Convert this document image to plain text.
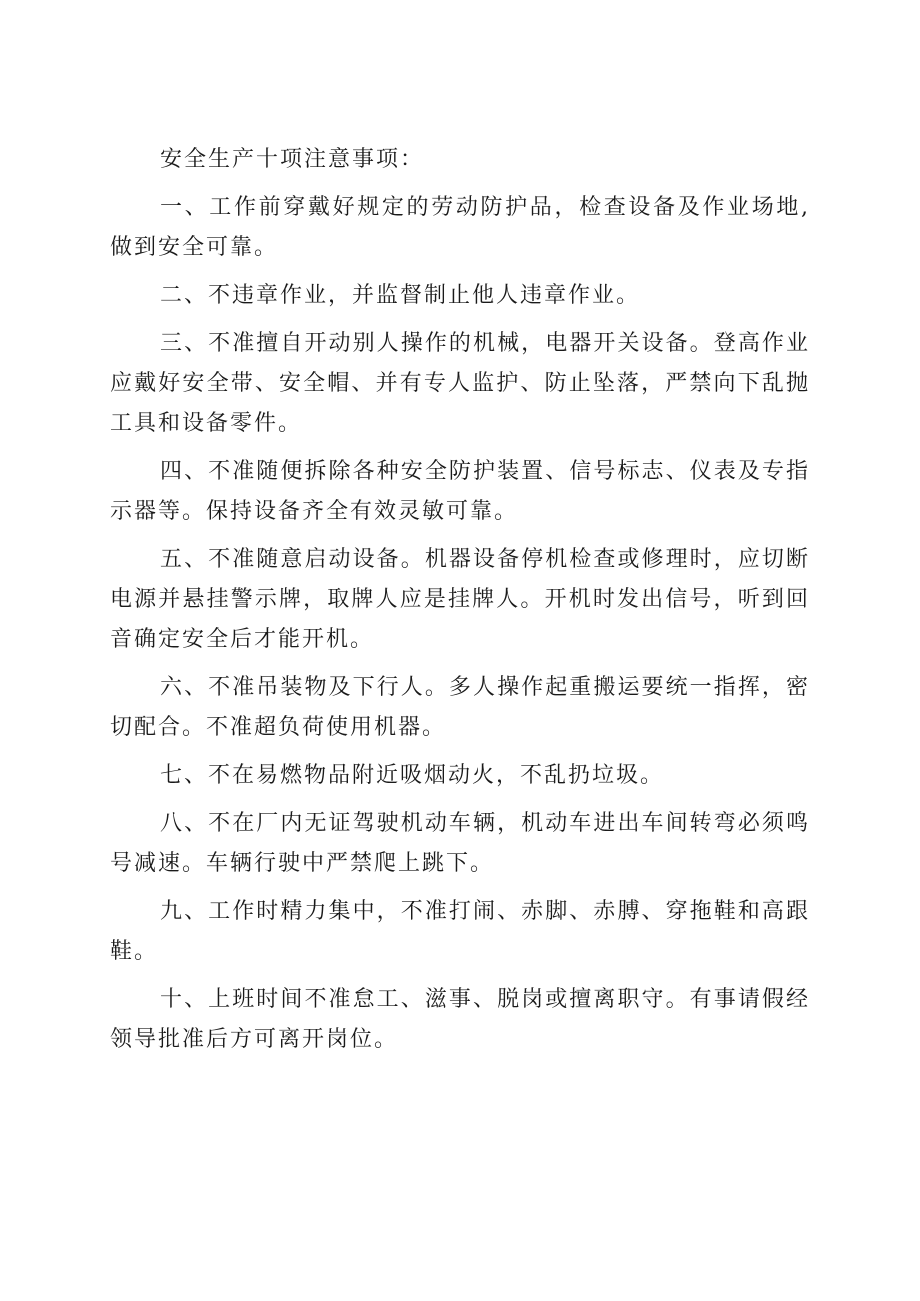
安全生产十项注意事项：

一、工作前穿戴好规定的劳动防护品，检查设备及作业场地,做到安全可靠。

二、不违章作业，并监督制止他人违章作业。

三、不准擅自开动别人操作的机械，电器开关设备。登高作业应戴好安全带、安全帽、并有专人监护、防止坠落，严禁向下乱抛工具和设备零件。

四、不准随便拆除各种安全防护装置、信号标志、仪表及专指示器等。保持设备齐全有效灵敏可靠。

五、不准随意启动设备。机器设备停机检查或修理时，应切断电源并悬挂警示牌，取牌人应是挂牌人。开机时发出信号，听到回音确定安全后才能开机。

六、不准吊装物及下行人。多人操作起重搬运要统一指挥，密切配合。不准超负荷使用机器。

七、不在易燃物品附近吸烟动火，不乱扔垃圾。

八、不在厂内无证驾驶机动车辆，机动车进出车间转弯必须鸣号减速。车辆行驶中严禁爬上跳下。

九、工作时精力集中，不准打闹、赤脚、赤膊、穿拖鞋和高跟鞋。

十、上班时间不准怠工、滋事、脱岗或擅离职守。有事请假经领导批准后方可离开岗位。
